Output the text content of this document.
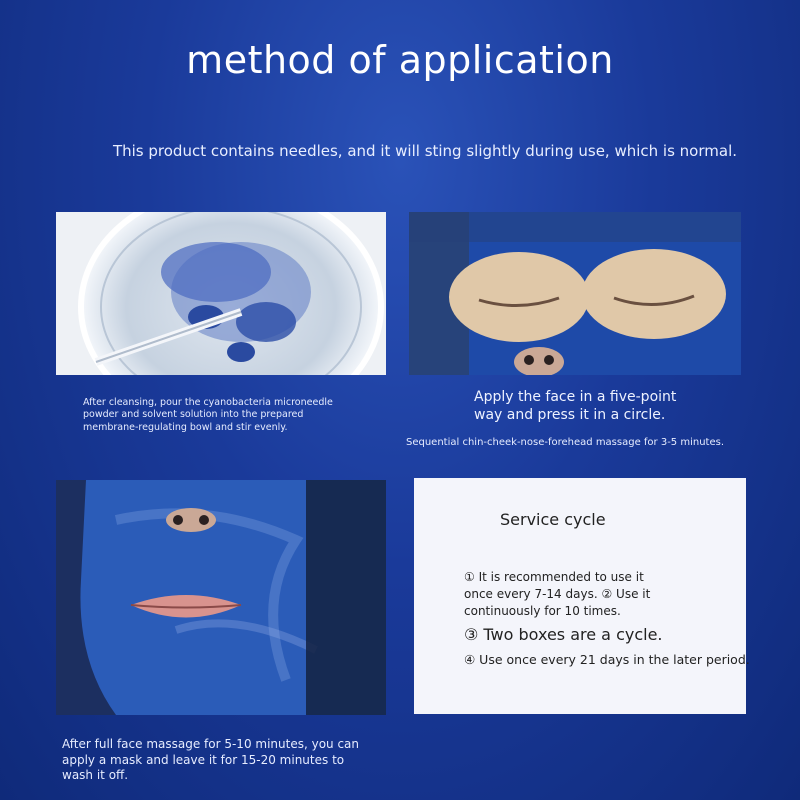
method of application
This product contains needles, and it will sting slightly during use, which is normal.
After cleansing, pour the cyanobacteria microneedle
powder and solvent solution into the prepared
membrane-regulating bowl and stir evenly.
Apply the face in a five-point
way and press it in a circle.
Sequential chin-cheek-nose-forehead massage for 3-5 minutes.
After full face massage for 5-10 minutes, you can
apply a mask and leave it for 15-20 minutes to
wash it off.
Service cycle
① It is recommended to use it
once every 7-14 days. ② Use it
continuously for 10 times.
③ Two boxes are a cycle.
④ Use once every 21 days in the later period.
